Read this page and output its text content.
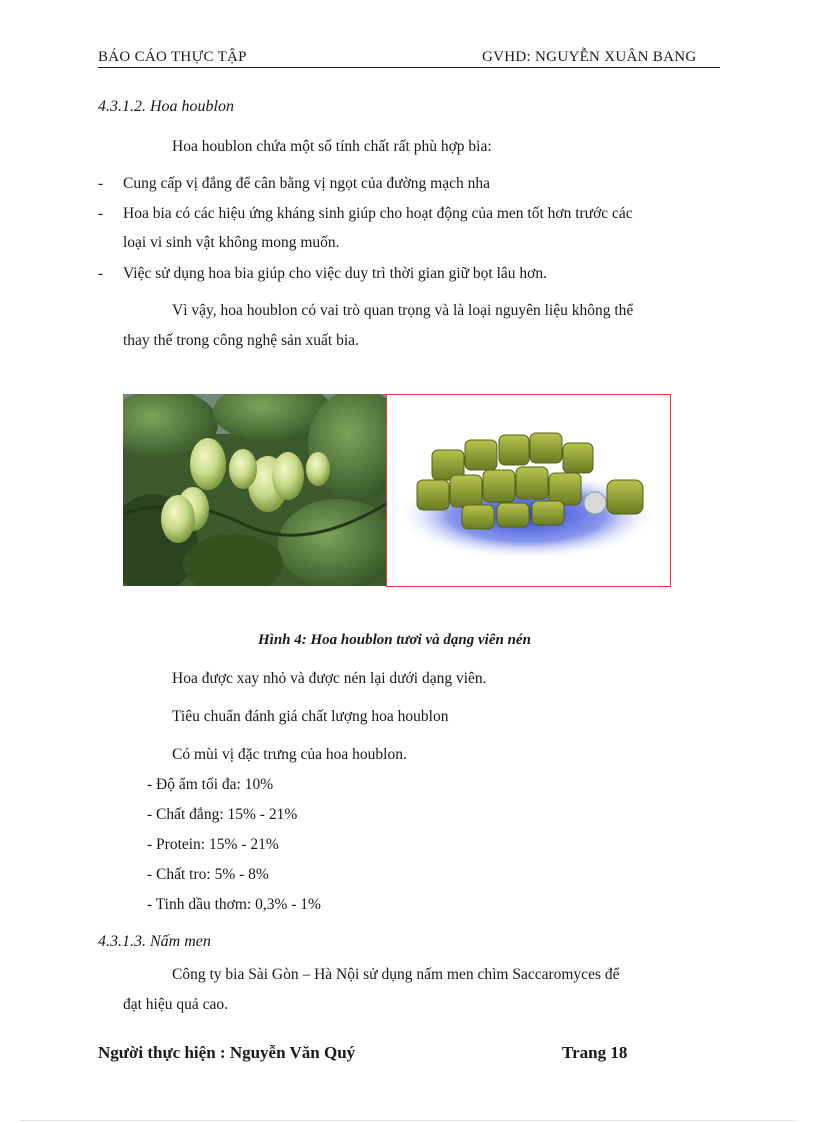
BÁO CÁO THỰC TẬP	GVHD: NGUYỄN XUÂN BANG
4.3.1.2. Hoa houblon
Hoa houblon chứa một số tính chất rất phù hợp bia:
- Cung cấp vị đắng để cân bằng vị ngọt của đường mạch nha
- Hoa bia có các hiệu ứng kháng sinh giúp cho hoạt động của men tốt hơn trước các
loại vi sinh vật không mong muốn.
- Việc sử dụng hoa bia giúp cho việc duy trì thời gian giữ bọt lâu hơn.
Vì vậy, hoa houblon có vai trò quan trọng và là loại nguyên liệu không thể
thay thế trong công nghệ sản xuất bia.
Hình 4: Hoa houblon tươi và dạng viên nén
Hoa được xay nhỏ và được nén lại dưới dạng viên.
Tiêu chuẩn đánh giá chất lượng hoa houblon
Có mùi vị đặc trưng của hoa houblon.
- Độ ẩm tối đa: 10%
- Chất đắng: 15% - 21%
- Protein: 15% - 21%
- Chất tro: 5% - 8%
- Tinh dầu thơm: 0,3% - 1%
4.3.1.3. Nấm men
Công ty bia Sài Gòn – Hà Nội sử dụng nấm men chìm Saccaromyces để
đạt hiệu quả cao.
Người thực hiện : Nguyễn Văn Quý	Trang 18
